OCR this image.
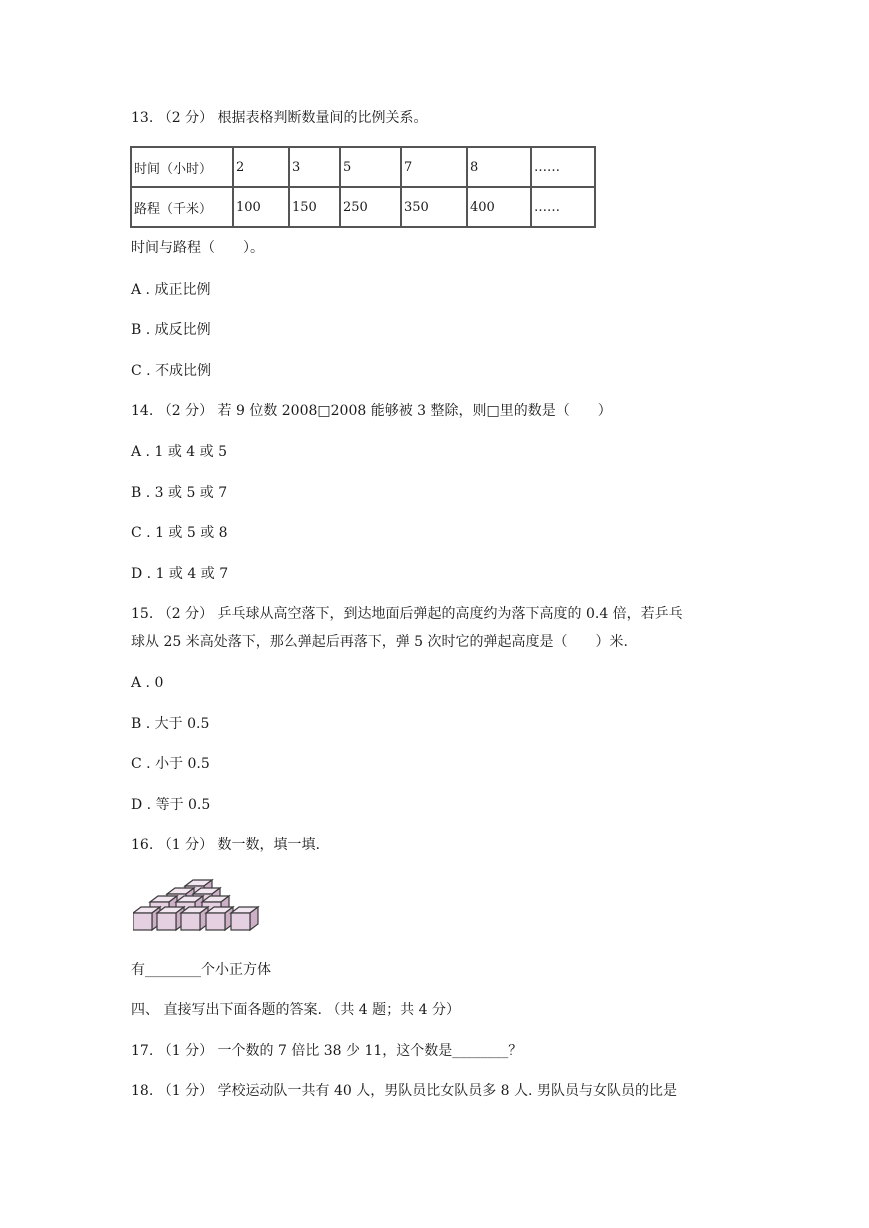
13. （2 分） 根据表格判断数量间的比例关系。
时间（小时）	2	3	5	7	8	……
路程（千米）	100	150	250	350	400	……
时间与路程（　　）。
A . 成正比例
B . 成反比例
C . 不成比例
14. （2 分） 若 9 位数 2008□2008 能够被 3 整除，则□里的数是（　　）
A . 1 或 4 或 5
B . 3 或 5 或 7
C . 1 或 5 或 8
D . 1 或 4 或 7
15. （2 分） 乒乓球从高空落下，到达地面后弹起的高度约为落下高度的 0.4 倍，若乒乓
球从 25 米高处落下，那么弹起后再落下，弹 5 次时它的弹起高度是（　　）米.
A . 0
B . 大于 0.5
C . 小于 0.5
D . 等于 0.5
16. （1 分） 数一数，填一填.
有________个小正方体
四、 直接写出下面各题的答案. （共 4 题；共 4 分）
17. （1 分） 一个数的 7 倍比 38 少 11，这个数是________？
18. （1 分） 学校运动队一共有 40 人，男队员比女队员多 8 人. 男队员与女队员的比是
